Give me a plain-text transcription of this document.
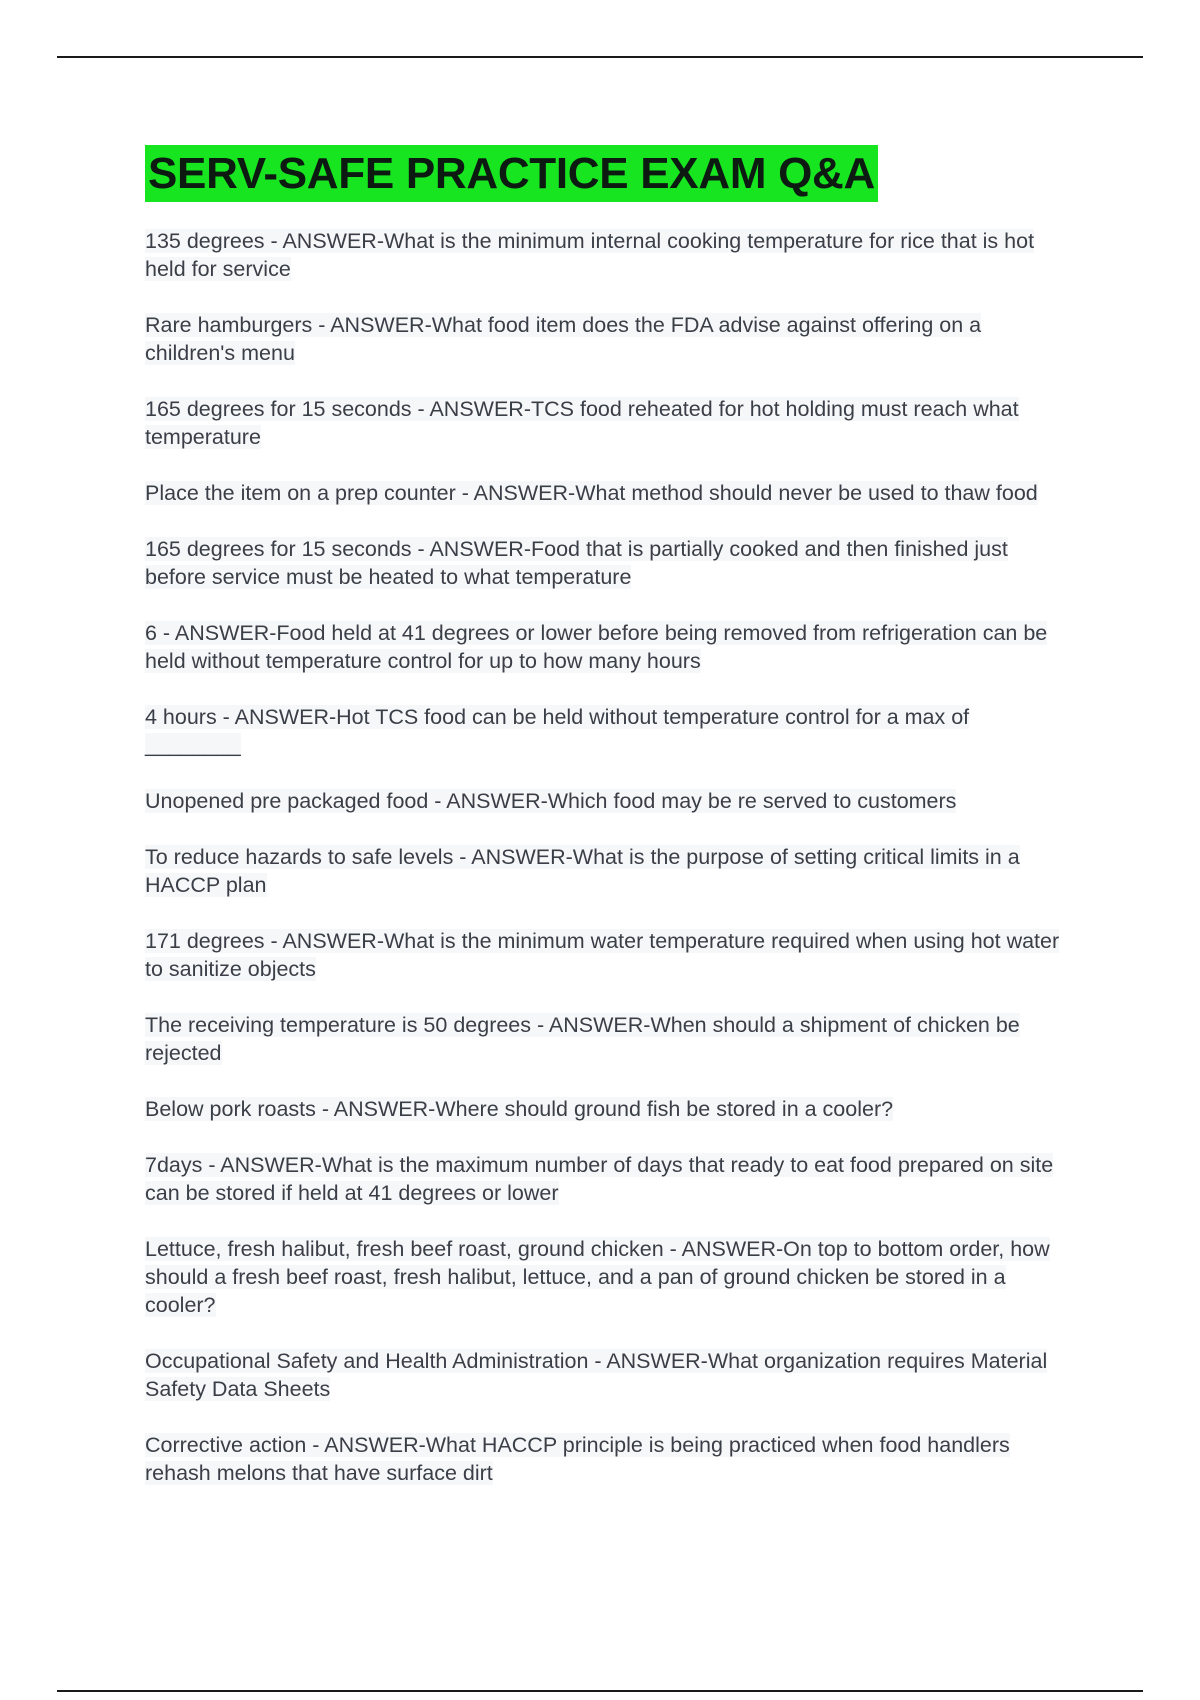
SERV-SAFE PRACTICE EXAM Q&A
135 degrees - ANSWER-What is the minimum internal cooking temperature for rice that is hot held for service
Rare hamburgers - ANSWER-What food item does the FDA advise against offering on a children's menu
165 degrees for 15 seconds - ANSWER-TCS food reheated for hot holding must reach what temperature
Place the item on a prep counter - ANSWER-What method should never be used to thaw food
165 degrees for 15 seconds - ANSWER-Food that is partially cooked and then finished just before service must be heated to what temperature
6 - ANSWER-Food held at 41 degrees or lower before being removed from refrigeration can be held without temperature control for up to how many hours
4 hours - ANSWER-Hot TCS food can be held without temperature control for a max of ________
Unopened pre packaged food - ANSWER-Which food may be re served to customers
To reduce hazards to safe levels - ANSWER-What is the purpose of setting critical limits in a HACCP plan
171 degrees - ANSWER-What is the minimum water temperature required when using hot water to sanitize objects
The receiving temperature is 50 degrees - ANSWER-When should a shipment of chicken be rejected
Below pork roasts - ANSWER-Where should ground fish be stored in a cooler?
7days - ANSWER-What is the maximum number of days that ready to eat food prepared on site can be stored if held at 41 degrees or lower
Lettuce, fresh halibut, fresh beef roast, ground chicken - ANSWER-On top to bottom order, how should a fresh beef roast, fresh halibut, lettuce, and a pan of ground chicken be stored in a cooler?
Occupational Safety and Health Administration - ANSWER-What organization requires Material Safety Data Sheets
Corrective action - ANSWER-What HACCP principle is being practiced when food handlers rehash melons that have surface dirt
